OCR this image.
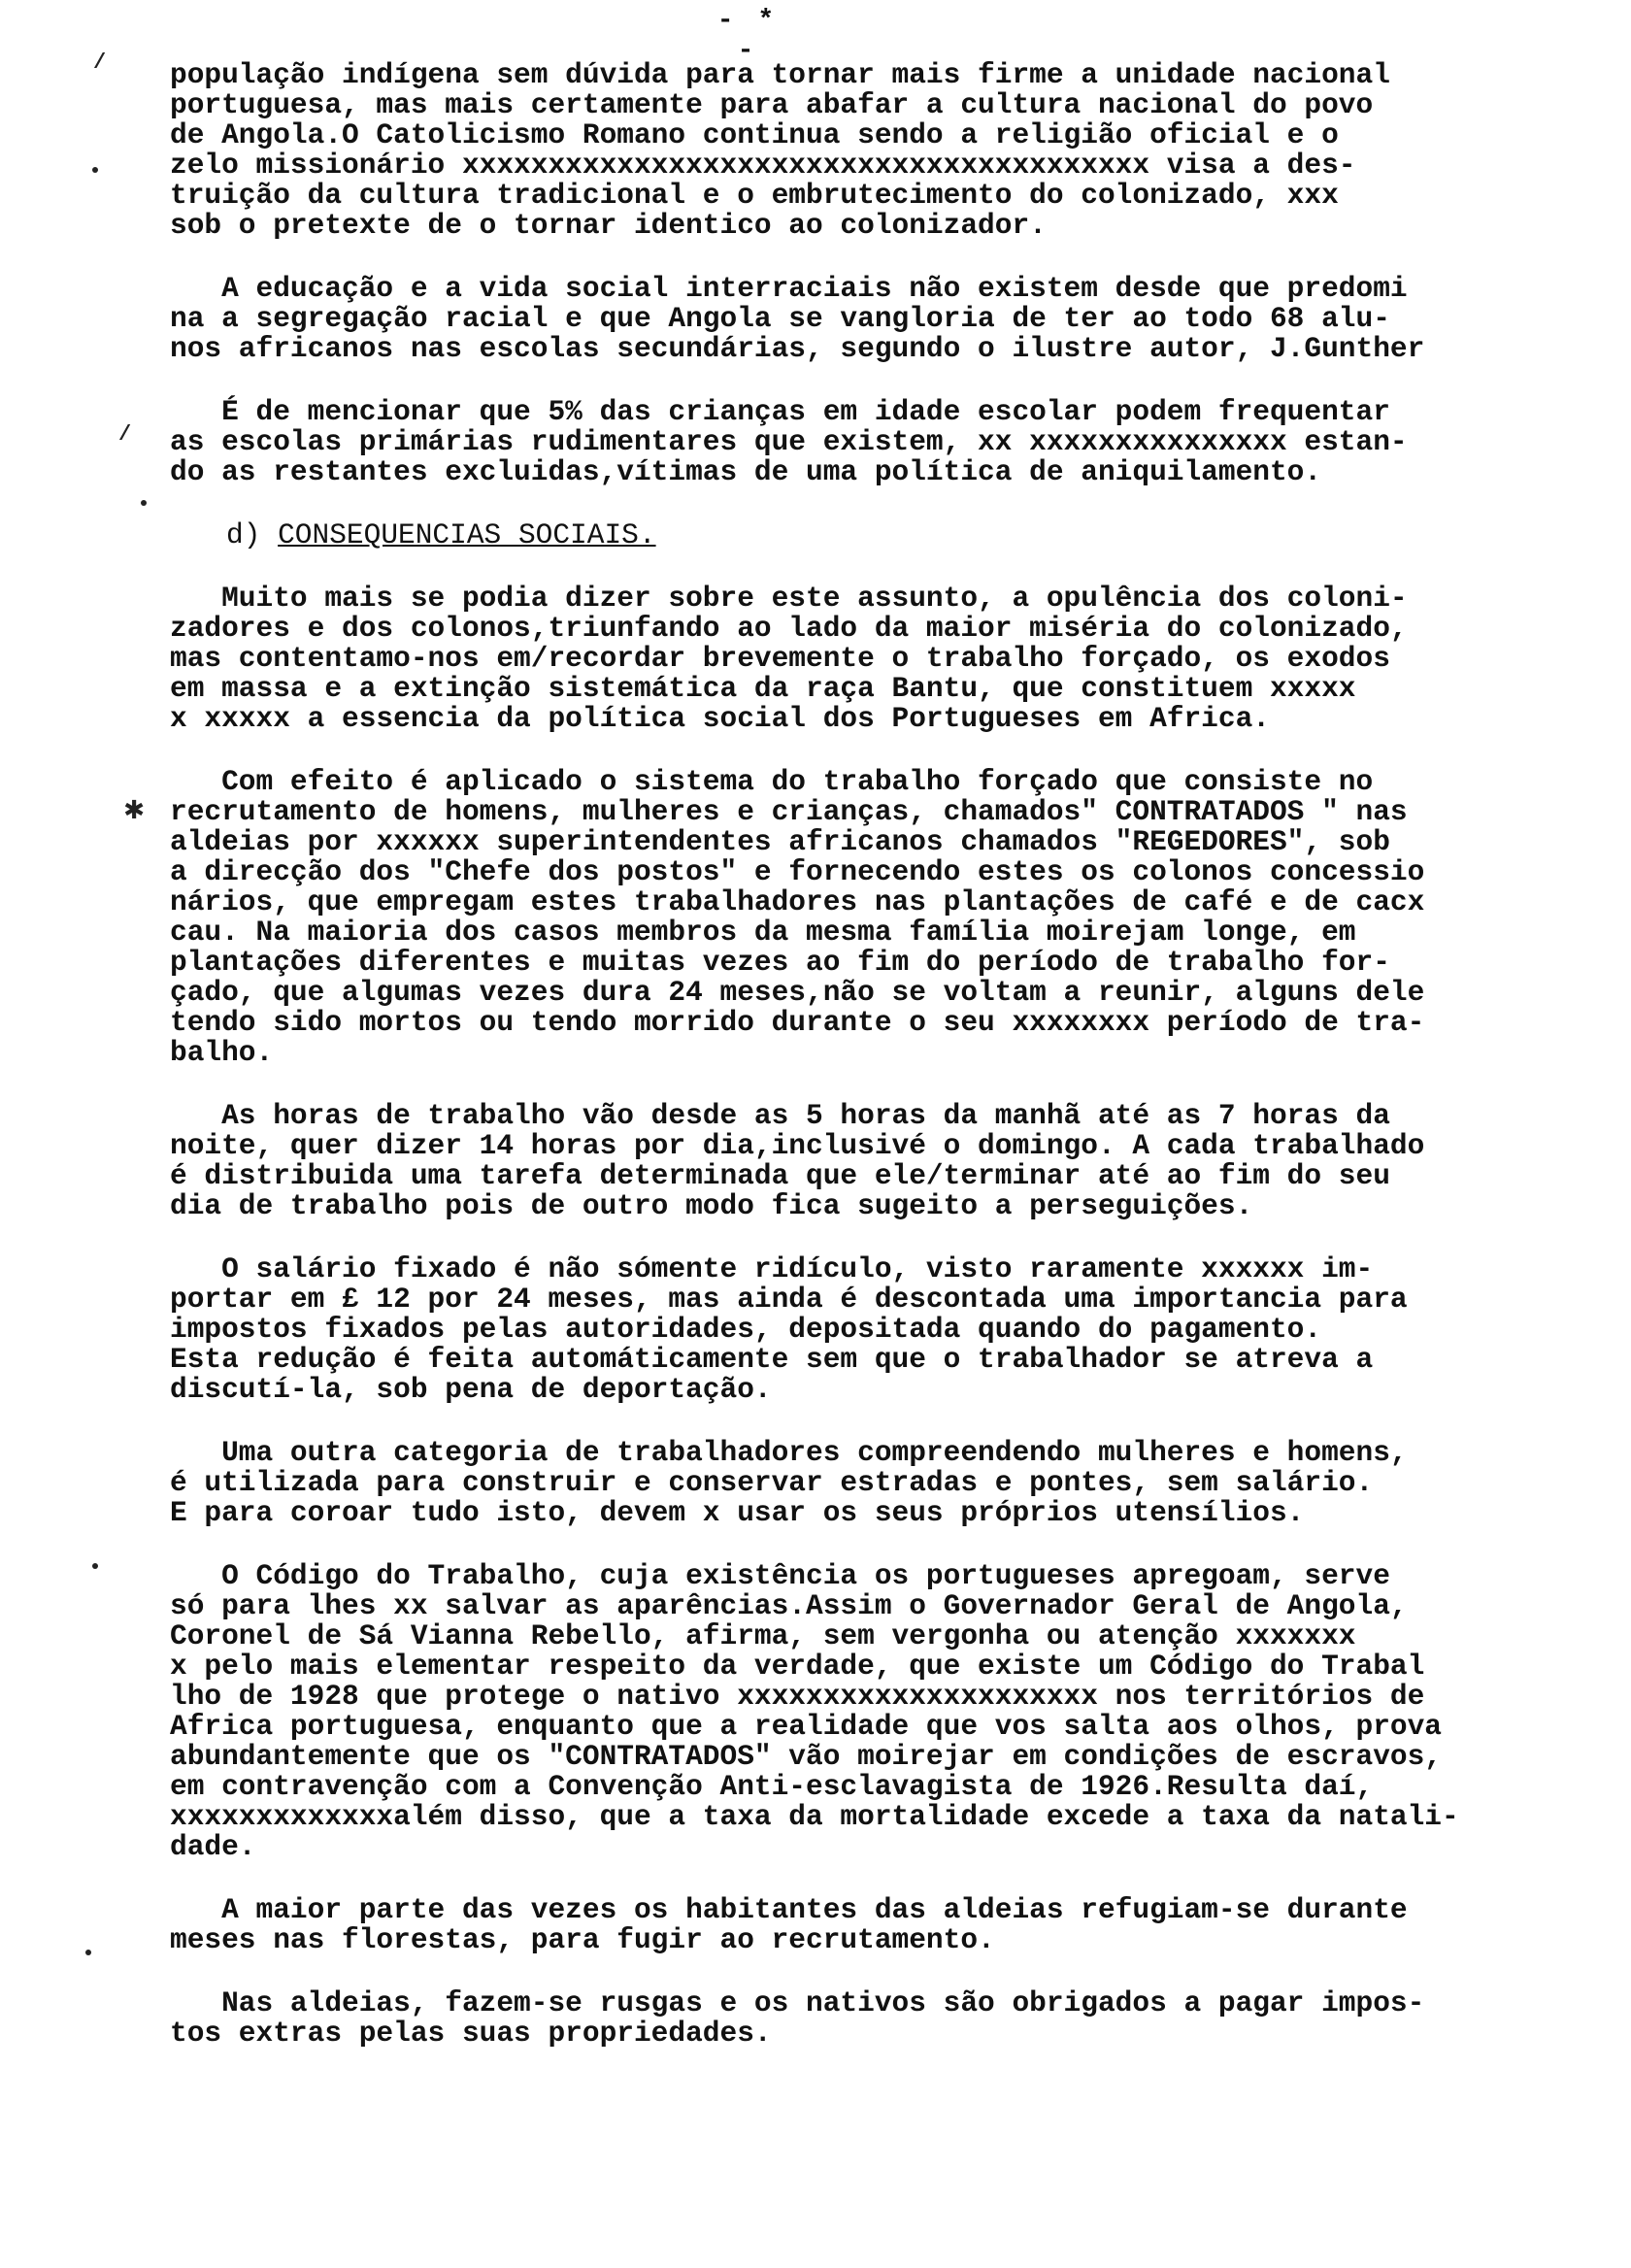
- * -
✱
/
/
população indígena sem dúvida para tornar mais firme a unidade nacional
portuguesa, mas mais certamente para abafar a cultura nacional do povo
de Angola.O Catolicismo Romano continua sendo a religião oficial e o
zelo missionário xxxxxxxxxxxxxxxxxxxxxxxxxxxxxxxxxxxxxxxx visa a des-
truição da cultura tradicional e o embrutecimento do colonizado, xxx
sob o pretexte de o tornar identico ao colonizador.
A educação e a vida social interraciais não existem desde que predomi
na a segregação racial e que Angola se vangloria de ter ao todo 68 alu-
nos africanos nas escolas secundárias, segundo o ilustre autor, J.Gunther
É de mencionar que 5% das crianças em idade escolar podem frequentar
as escolas primárias rudimentares que existem, xx xxxxxxxxxxxxxxx estan-
do as restantes excluidas,vítimas de uma política de aniquilamento.
d) CONSEQUENCIAS SOCIAIS.
Muito mais se podia dizer sobre este assunto, a opulência dos coloni-
zadores e dos colonos,triunfando ao lado da maior miséria do colonizado,
mas contentamo-nos em/recordar brevemente o trabalho forçado, os exodos
em massa e a extinção sistemática da raça Bantu, que constituem xxxxx
x xxxxx a essencia da política social dos Portugueses em Africa.
Com efeito é aplicado o sistema do trabalho forçado que consiste no
recrutamento de homens, mulheres e crianças, chamados" CONTRATADOS " nas
aldeias por xxxxxx superintendentes africanos chamados "REGEDORES", sob
a direcção dos "Chefe dos postos" e fornecendo estes os colonos concessio
nários, que empregam estes trabalhadores nas plantações de café e de cacx
cau. Na maioria dos casos membros da mesma família moirejam longe, em
plantações diferentes e muitas vezes ao fim do período de trabalho for-
çado, que algumas vezes dura 24 meses,não se voltam a reunir, alguns dele
tendo sido mortos ou tendo morrido durante o seu xxxxxxxx período de tra-
balho.
As horas de trabalho vão desde as 5 horas da manhã até as 7 horas da
noite, quer dizer 14 horas por dia,inclusivé o domingo. A cada trabalhado
é distribuida uma tarefa determinada que ele/terminar até ao fim do seu
dia de trabalho pois de outro modo fica sugeito a perseguições.
O salário fixado é não sómente ridículo, visto raramente xxxxxx im-
portar em £ 12 por 24 meses, mas ainda é descontada uma importancia para
impostos fixados pelas autoridades, depositada quando do pagamento.
Esta redução é feita automáticamente sem que o trabalhador se atreva a
discutí-la, sob pena de deportação.
Uma outra categoria de trabalhadores compreendendo mulheres e homens,
é utilizada para construir e conservar estradas e pontes, sem salário.
E para coroar tudo isto, devem x usar os seus próprios utensílios.
O Código do Trabalho, cuja existência os portugueses apregoam, serve
só para lhes xx salvar as aparências.Assim o Governador Geral de Angola,
Coronel de Sá Vianna Rebello, afirma, sem vergonha ou atenção xxxxxxx
x pelo mais elementar respeito da verdade, que existe um Código do Trabal
lho de 1928 que protege o nativo xxxxxxxxxxxxxxxxxxxxx nos territórios de
Africa portuguesa, enquanto que a realidade que vos salta aos olhos, prova
abundantemente que os "CONTRATADOS" vão moirejar em condições de escravos,
em contravenção com a Convenção Anti-esclavagista de 1926.Resulta daí,
xxxxxxxxxxxxxalém disso, que a taxa da mortalidade excede a taxa da natali-
dade.
A maior parte das vezes os habitantes das aldeias refugiam-se durante
meses nas florestas, para fugir ao recrutamento.
Nas aldeias, fazem-se rusgas e os nativos são obrigados a pagar impos-
tos extras pelas suas propriedades.
